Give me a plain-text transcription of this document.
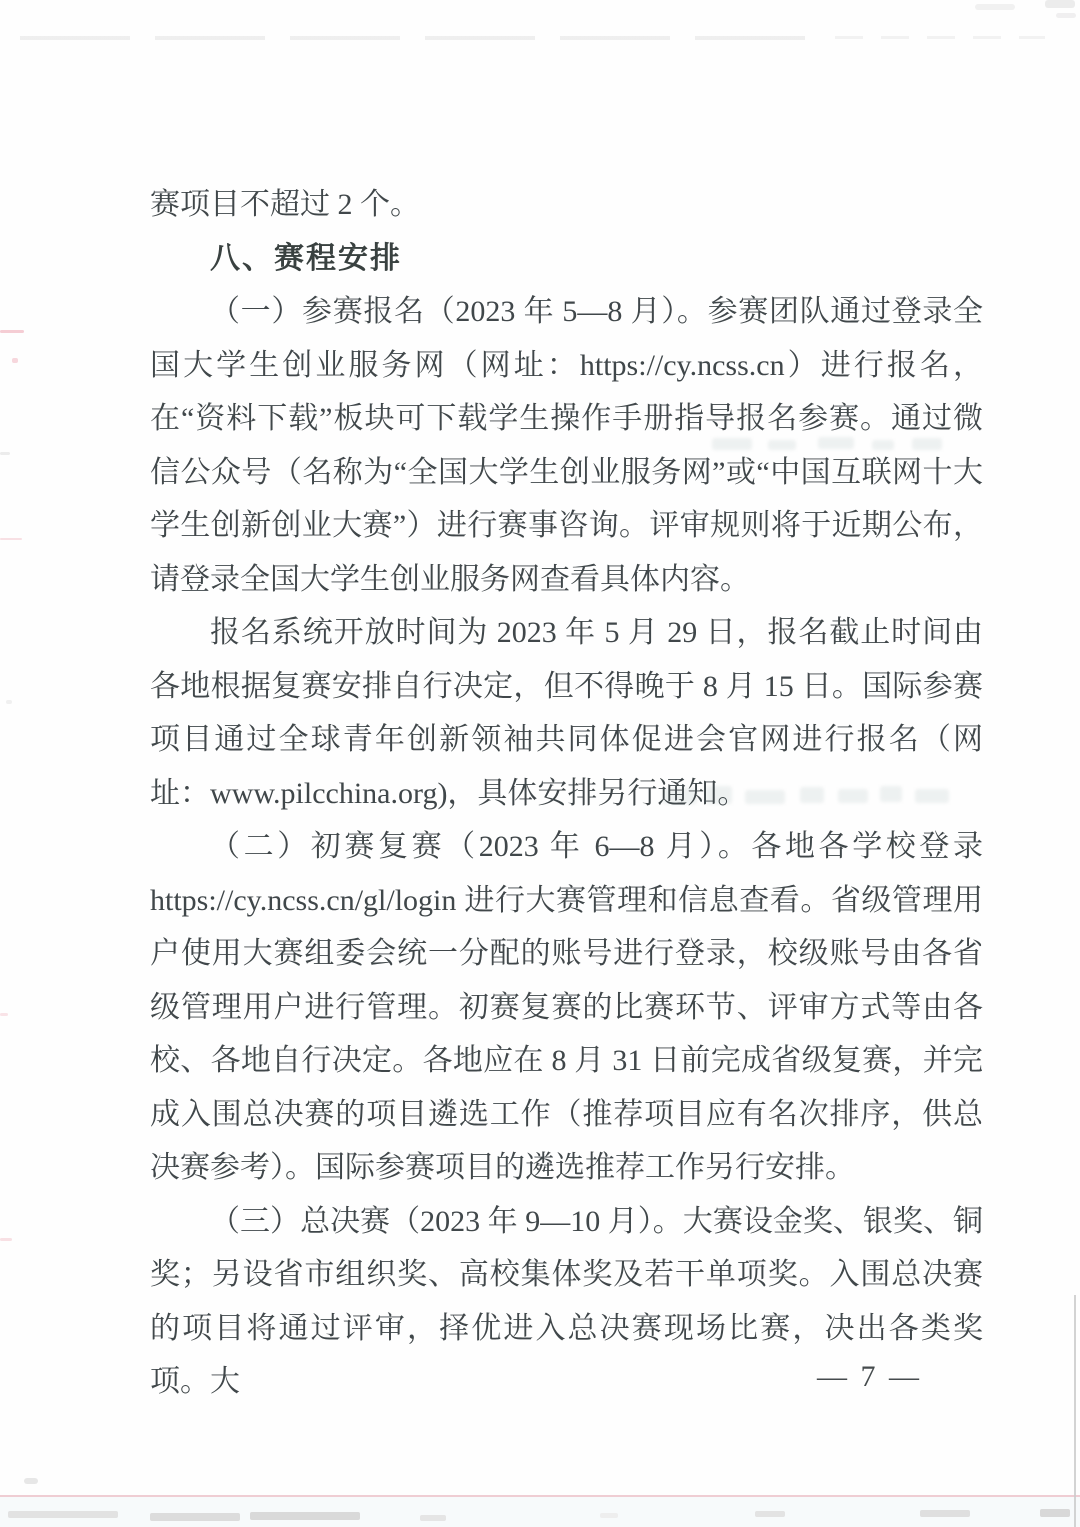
赛项目不超过 2 个。

八、赛程安排

（一）参赛报名（2023 年 5—8 月）。参赛团队通过登录全国大学生创业服务网（网址：https://cy.ncss.cn）进行报名，在“资料下载”板块可下载学生操作手册指导报名参赛。通过微信公众号（名称为“全国大学生创业服务网”或“中国互联网十大学生创新创业大赛”）进行赛事咨询。评审规则将于近期公布，请登录全国大学生创业服务网查看具体内容。

报名系统开放时间为 2023 年 5 月 29 日，报名截止时间由各地根据复赛安排自行决定，但不得晚于 8 月 15 日。国际参赛项目通过全球青年创新领袖共同体促进会官网进行报名（网址：www.pilcchina.org)，具体安排另行通知。

（二）初赛复赛（2023 年 6—8 月）。各地各学校登录 https://cy.ncss.cn/gl/login 进行大赛管理和信息查看。省级管理用户使用大赛组委会统一分配的账号进行登录，校级账号由各省级管理用户进行管理。初赛复赛的比赛环节、评审方式等由各校、各地自行决定。各地应在 8 月 31 日前完成省级复赛，并完成入围总决赛的项目遴选工作（推荐项目应有名次排序，供总决赛参考）。国际参赛项目的遴选推荐工作另行安排。

（三）总决赛（2023 年 9—10 月）。大赛设金奖、银奖、铜奖；另设省市组织奖、高校集体奖及若干单项奖。入围总决赛的项目将通过评审，择优进入总决赛现场比赛，决出各类奖项。大	— 7 —
